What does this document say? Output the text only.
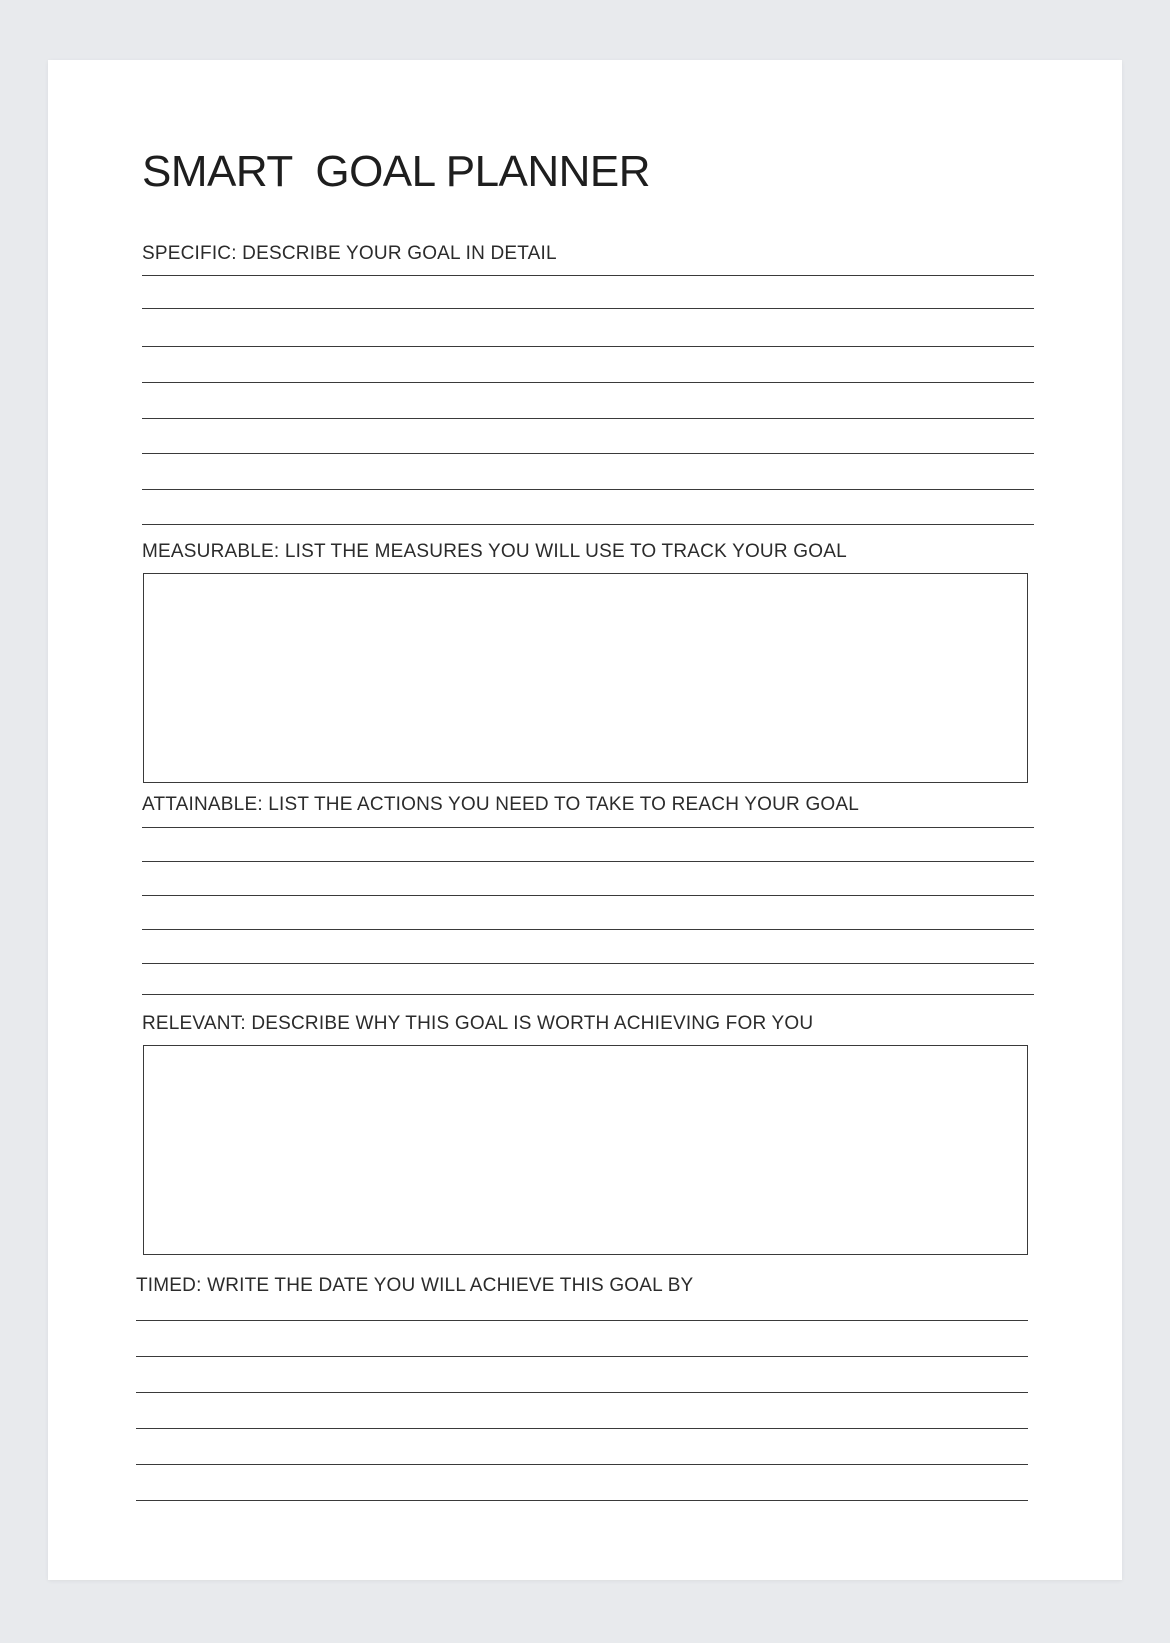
SMART  GOAL PLANNER

SPECIFIC: DESCRIBE YOUR GOAL IN DETAIL

MEASURABLE: LIST THE MEASURES YOU WILL USE TO TRACK YOUR GOAL

ATTAINABLE: LIST THE ACTIONS YOU NEED TO TAKE TO REACH YOUR GOAL

RELEVANT: DESCRIBE WHY THIS GOAL IS WORTH ACHIEVING FOR YOU

TIMED: WRITE THE DATE YOU WILL ACHIEVE THIS GOAL BY
